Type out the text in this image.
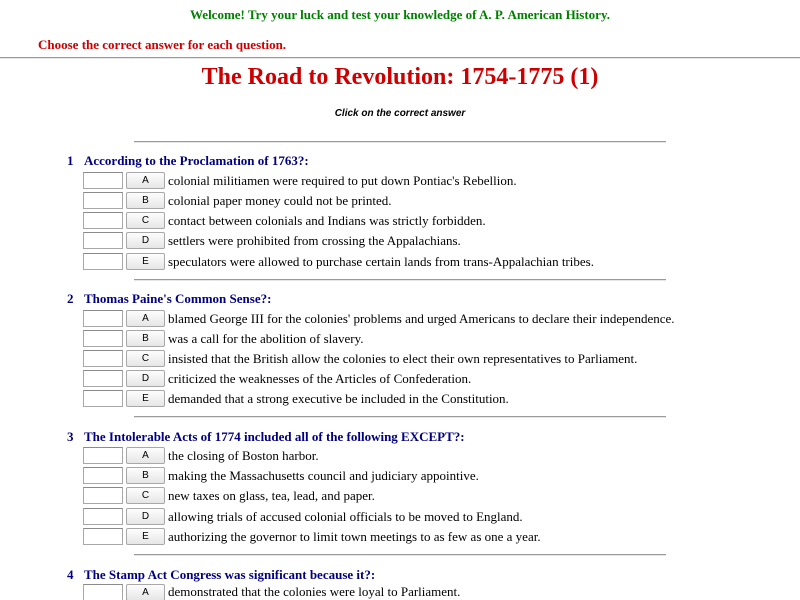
Welcome! Try your luck and test your knowledge of A. P. American History.
Choose the correct answer for each question.
The Road to Revolution: 1754-1775 (1)
Click on the correct answer
1 According to the Proclamation of 1763?:
A	colonial militiamen were required to put down Pontiac's Rebellion.
B	colonial paper money could not be printed.
C	contact between colonials and Indians was strictly forbidden.
D	settlers were prohibited from crossing the Appalachians.
E	speculators were allowed to purchase certain lands from trans-Appalachian tribes.
2 Thomas Paine's Common Sense?:
A	blamed George III for the colonies' problems and urged Americans to declare their independence.
B	was a call for the abolition of slavery.
C	insisted that the British allow the colonies to elect their own representatives to Parliament.
D	criticized the weaknesses of the Articles of Confederation.
E	demanded that a strong executive be included in the Constitution.
3 The Intolerable Acts of 1774 included all of the following EXCEPT?:
A	the closing of Boston harbor.
B	making the Massachusetts council and judiciary appointive.
C	new taxes on glass, tea, lead, and paper.
D	allowing trials of accused colonial officials to be moved to England.
E	authorizing the governor to limit town meetings to as few as one a year.
4 The Stamp Act Congress was significant because it?:
A	demonstrated that the colonies were loyal to Parliament.
